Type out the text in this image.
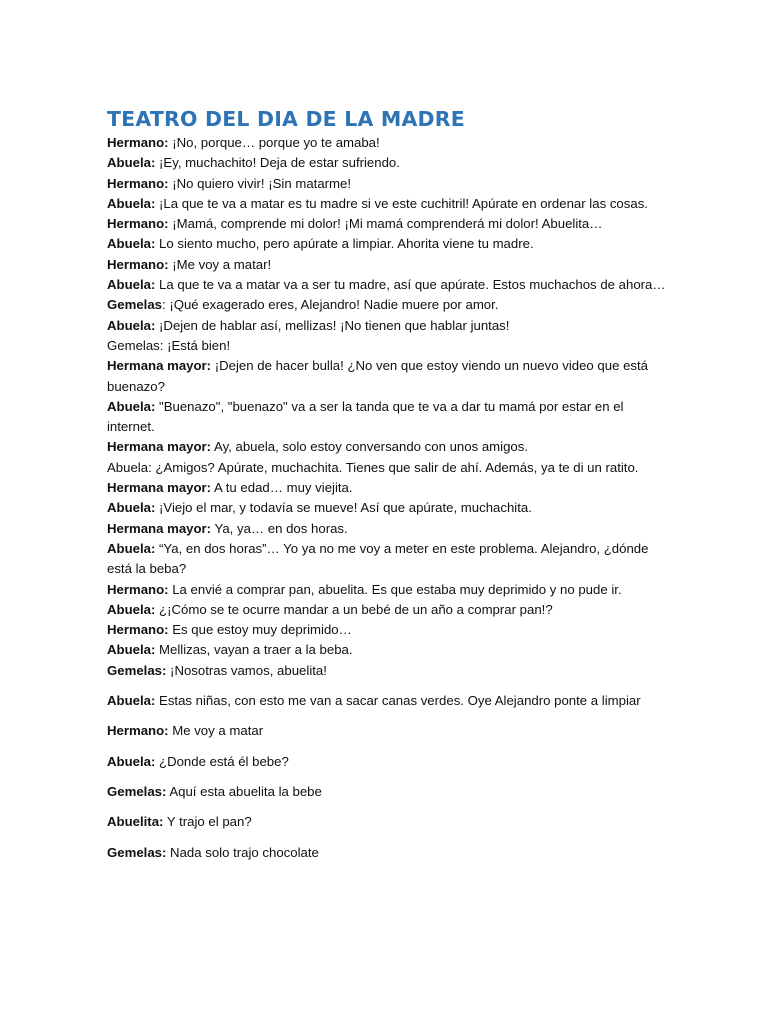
TEATRO DEL DIA DE LA MADRE

Hermano: ¡No, porque… porque yo te amaba!

Abuela: ¡Ey, muchachito! Deja de estar sufriendo.

Hermano: ¡No quiero vivir! ¡Sin matarme!

Abuela: ¡La que te va a matar es tu madre si ve este cuchitril! Apúrate en ordenar las cosas.

Hermano: ¡Mamá, comprende mi dolor! ¡Mi mamá comprenderá mi dolor! Abuelita…

Abuela: Lo siento mucho, pero apúrate a limpiar. Ahorita viene tu madre.

Hermano: ¡Me voy a matar!

Abuela: La que te va a matar va a ser tu madre, así que apúrate. Estos muchachos de ahora…

Gemelas: ¡Qué exagerado eres, Alejandro! Nadie muere por amor.

Abuela: ¡Dejen de hablar así, mellizas! ¡No tienen que hablar juntas!

Gemelas: ¡Está bien!

Hermana mayor: ¡Dejen de hacer bulla! ¿No ven que estoy viendo un nuevo video que está buenazo?

Abuela: "Buenazo", "buenazo" va a ser la tanda que te va a dar tu mamá por estar en el internet.

Hermana mayor: Ay, abuela, solo estoy conversando con unos amigos.

Abuela: ¿Amigos? Apúrate, muchachita. Tienes que salir de ahí. Además, ya te di un ratito.

Hermana mayor: A tu edad… muy viejita.

Abuela: ¡Viejo el mar, y todavía se mueve! Así que apúrate, muchachita.

Hermana mayor: Ya, ya… en dos horas.

Abuela: “Ya, en dos horas”… Yo ya no me voy a meter en este problema. Alejandro, ¿dónde está la beba?

Hermano: La envié a comprar pan, abuelita. Es que estaba muy deprimido y no pude ir.

Abuela: ¿¡Cómo se te ocurre mandar a un bebé de un año a comprar pan!?

Hermano: Es que estoy muy deprimido…

Abuela: Mellizas, vayan a traer a la beba.

Gemelas: ¡Nosotras vamos, abuelita!

Abuela: Estas niñas, con esto me van a sacar canas verdes. Oye Alejandro ponte a limpiar

Hermano: Me voy a matar

Abuela: ¿Donde está él bebe?

Gemelas: Aquí esta abuelita la bebe

Abuelita: Y trajo el pan?

Gemelas: Nada solo trajo chocolate
